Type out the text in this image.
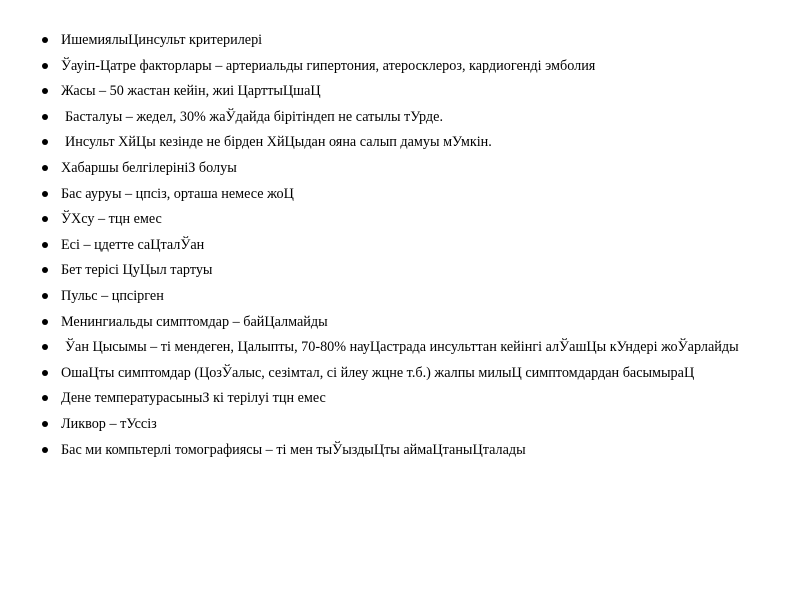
ИшемиялыЦинсульт критерилері
Ўауіп-Цатре факторлары – артериальды гипертония, атеросклероз, кардиогенді эмболия
Жасы – 50 жастан кейін, жиі ЦарттыЦшаЦ
Басталуы – жедел, 30% жаЎдайда бірітіндеп не сатылы тУрде.
Инсульт ХйЦы кезінде не бірден ХйЦыдан ояна салып дамуы мУмкін.
Хабаршы белгілерініЗ болуы
Бас ауруы – цпсіз, орташа немесе жоЦ
ЎХсу – тцн емес
Есі – цдетте саЦталЎан
Бет терісі ЦуЦыл тартуы
Пульс – цпсірген
Менингиальды симптомдар – байЦалмайды
Ўан Цысымы – ті мендеген, Цалыпты, 70-80% науЦастрада инсульттан кейінгі алЎашЦы кУндері жоЎарлайды
ОшаЦты симптомдар (ЦозЎалыс, сезімтал, сі йлеу жцне т.б.) жалпы милыЦ симптомдардан басымыраЦ
Дене температурасыныЗ кі терілуі тцн емес
Ликвор – тУссіз
Бас ми компьтерлі томографиясы – ті мен тыЎыздыЦты аймаЦтаныЦталады
